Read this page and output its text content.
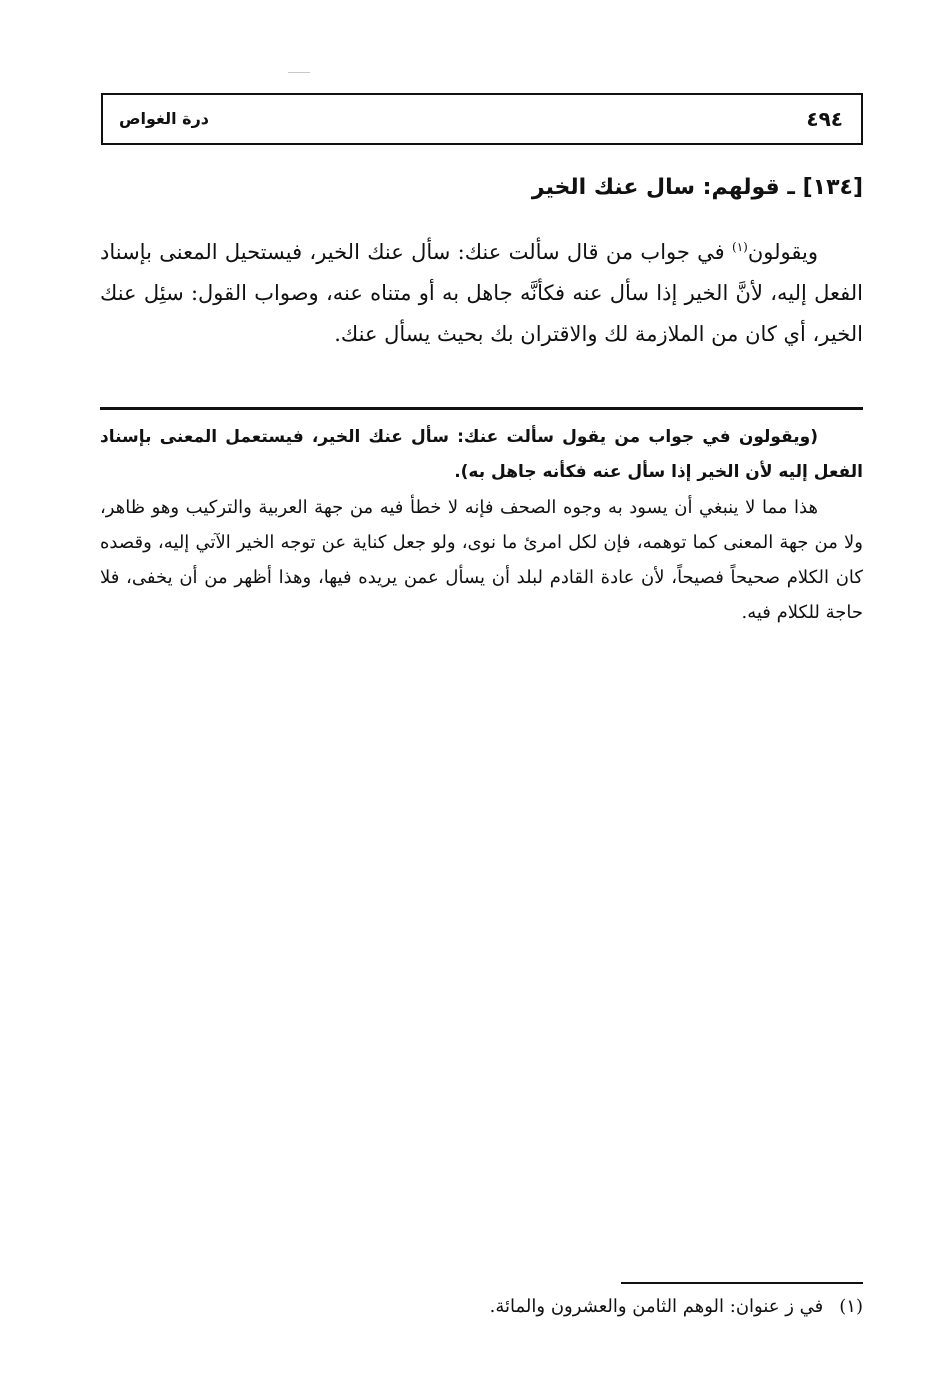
٤٩٤
درة الغواص
[١٣٤] ـ قولهم: سال عنك الخير

ويقولون$^{(١)}$ في جواب من قال سألت عنك: سأل عنك الخير، فيستحيل المعنى بإسناد الفعل إليه، لأنَّ الخير إذا سأل عنه فكأنَّه جاهل به أو متناه عنه، وصواب القول: سئِل عنك الخير، أي كان من الملازمة لك والاقتران بك بحيث يسأل عنك.

(ويقولون في جواب من يقول سألت عنك: سأل عنك الخير، فيستعمل المعنى بإسناد الفعل إليه لأن الخير إذا سأل عنه فكأنه جاهل به).

هذا مما لا ينبغي أن يسود به وجوه الصحف فإنه لا خطأ فيه من جهة العربية والتركيب وهو ظاهر، ولا من جهة المعنى كما توهمه، فإن لكل امرئ ما نوى، ولو جعل كناية عن توجه الخير الآتي إليه، وقصده كان الكلام صحيحاً فصيحاً، لأن عادة القادم لبلد أن يسأل عمن يريده فيها، وهذا أظهر من أن يخفى، فلا حاجة للكلام فيه.

(١)في ز عنوان: الوهم الثامن والعشرون والمائة.
